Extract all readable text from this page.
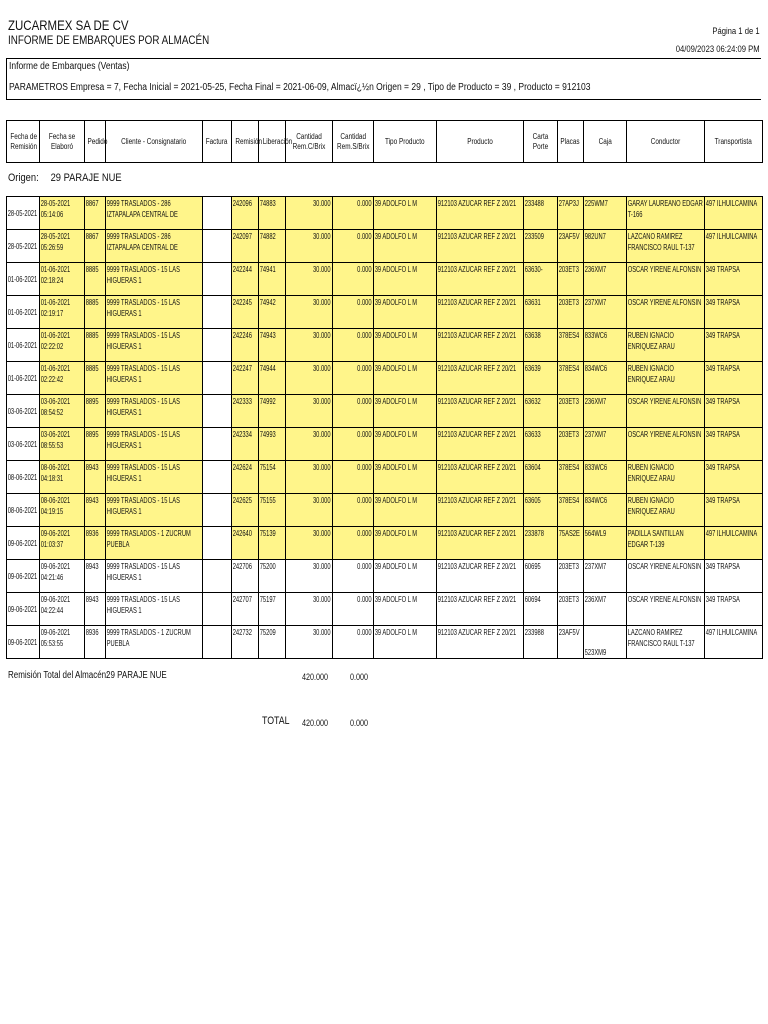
ZUCARMEX SA DE CV
INFORME DE EMBARQUES POR ALMACÉN
Página 1 de 1
04/09/2023 06:24:09 PM
Informe de Embarques (Ventas)
PARAMETROS Empresa = 7, Fecha Inicial = 2021-05-25, Fecha Final = 2021-06-09, Almacï¿½n Origen = 29 , Tipo de Producto = 39 , Producto = 912103
Fecha de Remisión	Fecha se Elaboró	Pedido	Cliente - Consignatario	Factura	Remisión	Liberación	Cantidad Rem.C/Brix	Cantidad Rem.S/Brix	Tipo Producto	Producto	Carta Porte	Placas	Caja	Conductor	Transportista
Origen: 29 PARAJE NUE
28-05-2021	28-05-2021 05:14:06	8867	9999 TRASLADOS - 286 IZTAPALAPA CENTRAL DE		242096	74883	30.000	0.000	39 ADOLFO L M	912103 AZUCAR REF Z 20/21	233488	27AP3J	225WM7	GARAY LAUREANO EDGAR T-166	497 ILHUILCAMINA

28-05-2021	28-05-2021 05:26:59	8867	9999 TRASLADOS - 286 IZTAPALAPA CENTRAL DE		242097	74882	30.000	0.000	39 ADOLFO L M	912103 AZUCAR REF Z 20/21	233509	23AF5V	982UN7	LAZCANO RAMIREZ FRANCISCO RAUL T-137	497 ILHUILCAMINA

01-06-2021	01-06-2021 02:18:24	8885	9999 TRASLADOS - 15 LAS HIGUERAS 1		242244	74941	30.000	0.000	39 ADOLFO L M	912103 AZUCAR REF Z 20/21	63630-	203ET3	236XM7	OSCAR YIRENE ALFONSIN	349 TRAPSA

01-06-2021	01-06-2021 02:19:17	8885	9999 TRASLADOS - 15 LAS HIGUERAS 1		242245	74942	30.000	0.000	39 ADOLFO L M	912103 AZUCAR REF Z 20/21	63631	203ET3	237XM7	OSCAR YIRENE ALFONSIN	349 TRAPSA

01-06-2021	01-06-2021 02:22:02	8885	9999 TRASLADOS - 15 LAS HIGUERAS 1		242246	74943	30.000	0.000	39 ADOLFO L M	912103 AZUCAR REF Z 20/21	63638	378ES4	833WC6	RUBEN IGNACIO ENRIQUEZ ARAU	349 TRAPSA

01-06-2021	01-06-2021 02:22:42	8885	9999 TRASLADOS - 15 LAS HIGUERAS 1		242247	74944	30.000	0.000	39 ADOLFO L M	912103 AZUCAR REF Z 20/21	63639	378ES4	834WC6	RUBEN IGNACIO ENRIQUEZ ARAU	349 TRAPSA

03-06-2021	03-06-2021 08:54:52	8895	9999 TRASLADOS - 15 LAS HIGUERAS 1		242333	74992	30.000	0.000	39 ADOLFO L M	912103 AZUCAR REF Z 20/21	63632	203ET3	236XM7	OSCAR YIRENE ALFONSIN	349 TRAPSA

03-06-2021	03-06-2021 08:55:53	8895	9999 TRASLADOS - 15 LAS HIGUERAS 1		242334	74993	30.000	0.000	39 ADOLFO L M	912103 AZUCAR REF Z 20/21	63633	203ET3	237XM7	OSCAR YIRENE ALFONSIN	349 TRAPSA

08-06-2021	08-06-2021 04:18:31	8943	9999 TRASLADOS - 15 LAS HIGUERAS 1		242624	75154	30.000	0.000	39 ADOLFO L M	912103 AZUCAR REF Z 20/21	63604	378ES4	833WC6	RUBEN IGNACIO ENRIQUEZ ARAU	349 TRAPSA

08-06-2021	08-06-2021 04:19:15	8943	9999 TRASLADOS - 15 LAS HIGUERAS 1		242625	75155	30.000	0.000	39 ADOLFO L M	912103 AZUCAR REF Z 20/21	63605	378ES4	834WC6	RUBEN IGNACIO ENRIQUEZ ARAU	349 TRAPSA

09-06-2021	09-06-2021 01:03:37	8936	9999 TRASLADOS - 1 ZUCRUM PUEBLA		242640	75139	30.000	0.000	39 ADOLFO L M	912103 AZUCAR REF Z 20/21	233878	75AS2E	564WL9	PADILLA SANTILLAN EDGAR T-139	497 ILHUILCAMINA

09-06-2021	09-06-2021 04:21:46	8943	9999 TRASLADOS - 15 LAS HIGUERAS 1		242706	75200	30.000	0.000	39 ADOLFO L M	912103 AZUCAR REF Z 20/21	60695	203ET3	237XM7	OSCAR YIRENE ALFONSIN	349 TRAPSA

09-06-2021	09-06-2021 04:22:44	8943	9999 TRASLADOS - 15 LAS HIGUERAS 1		242707	75197	30.000	0.000	39 ADOLFO L M	912103 AZUCAR REF Z 20/21	60694	203ET3	236XM7	OSCAR YIRENE ALFONSIN	349 TRAPSA

09-06-2021	09-06-2021 05:53:55	8936	9999 TRASLADOS - 1 ZUCRUM PUEBLA		242732	75209	30.000	0.000	39 ADOLFO L M	912103 AZUCAR REF Z 20/21	233988	23AF5V	523XM9	LAZCANO RAMIREZ FRANCISCO RAUL T-137	497 ILHUILCAMINA
Remisión Total del Almacén:
29 PARAJE NUE	420.000 0.000
TOTAL 420.000 0.000
